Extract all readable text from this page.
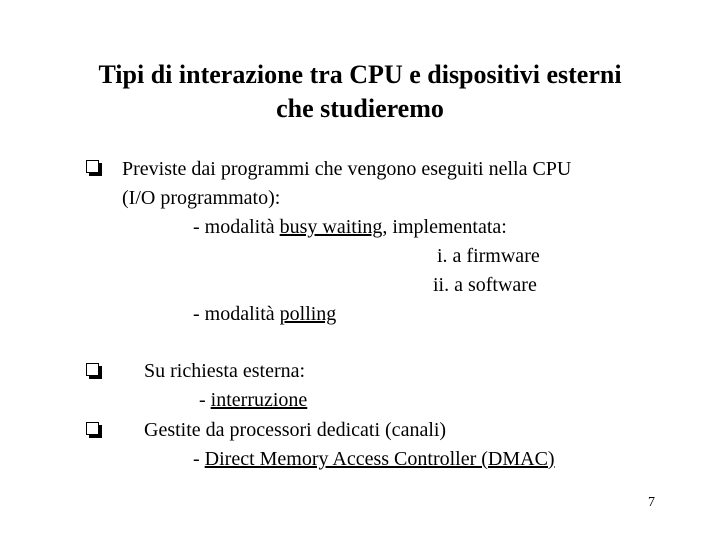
Tipi di interazione tra CPU e dispositivi esterni
che studieremo
Previste dai programmi che vengono eseguiti nella CPU
(I/O programmato):
- modalità busy waiting, implementata:
i. a firmware
ii. a software
- modalità polling
Su richiesta esterna:
- interruzione
Gestite da processori dedicati (canali)
- Direct Memory Access Controller (DMAC)
7
